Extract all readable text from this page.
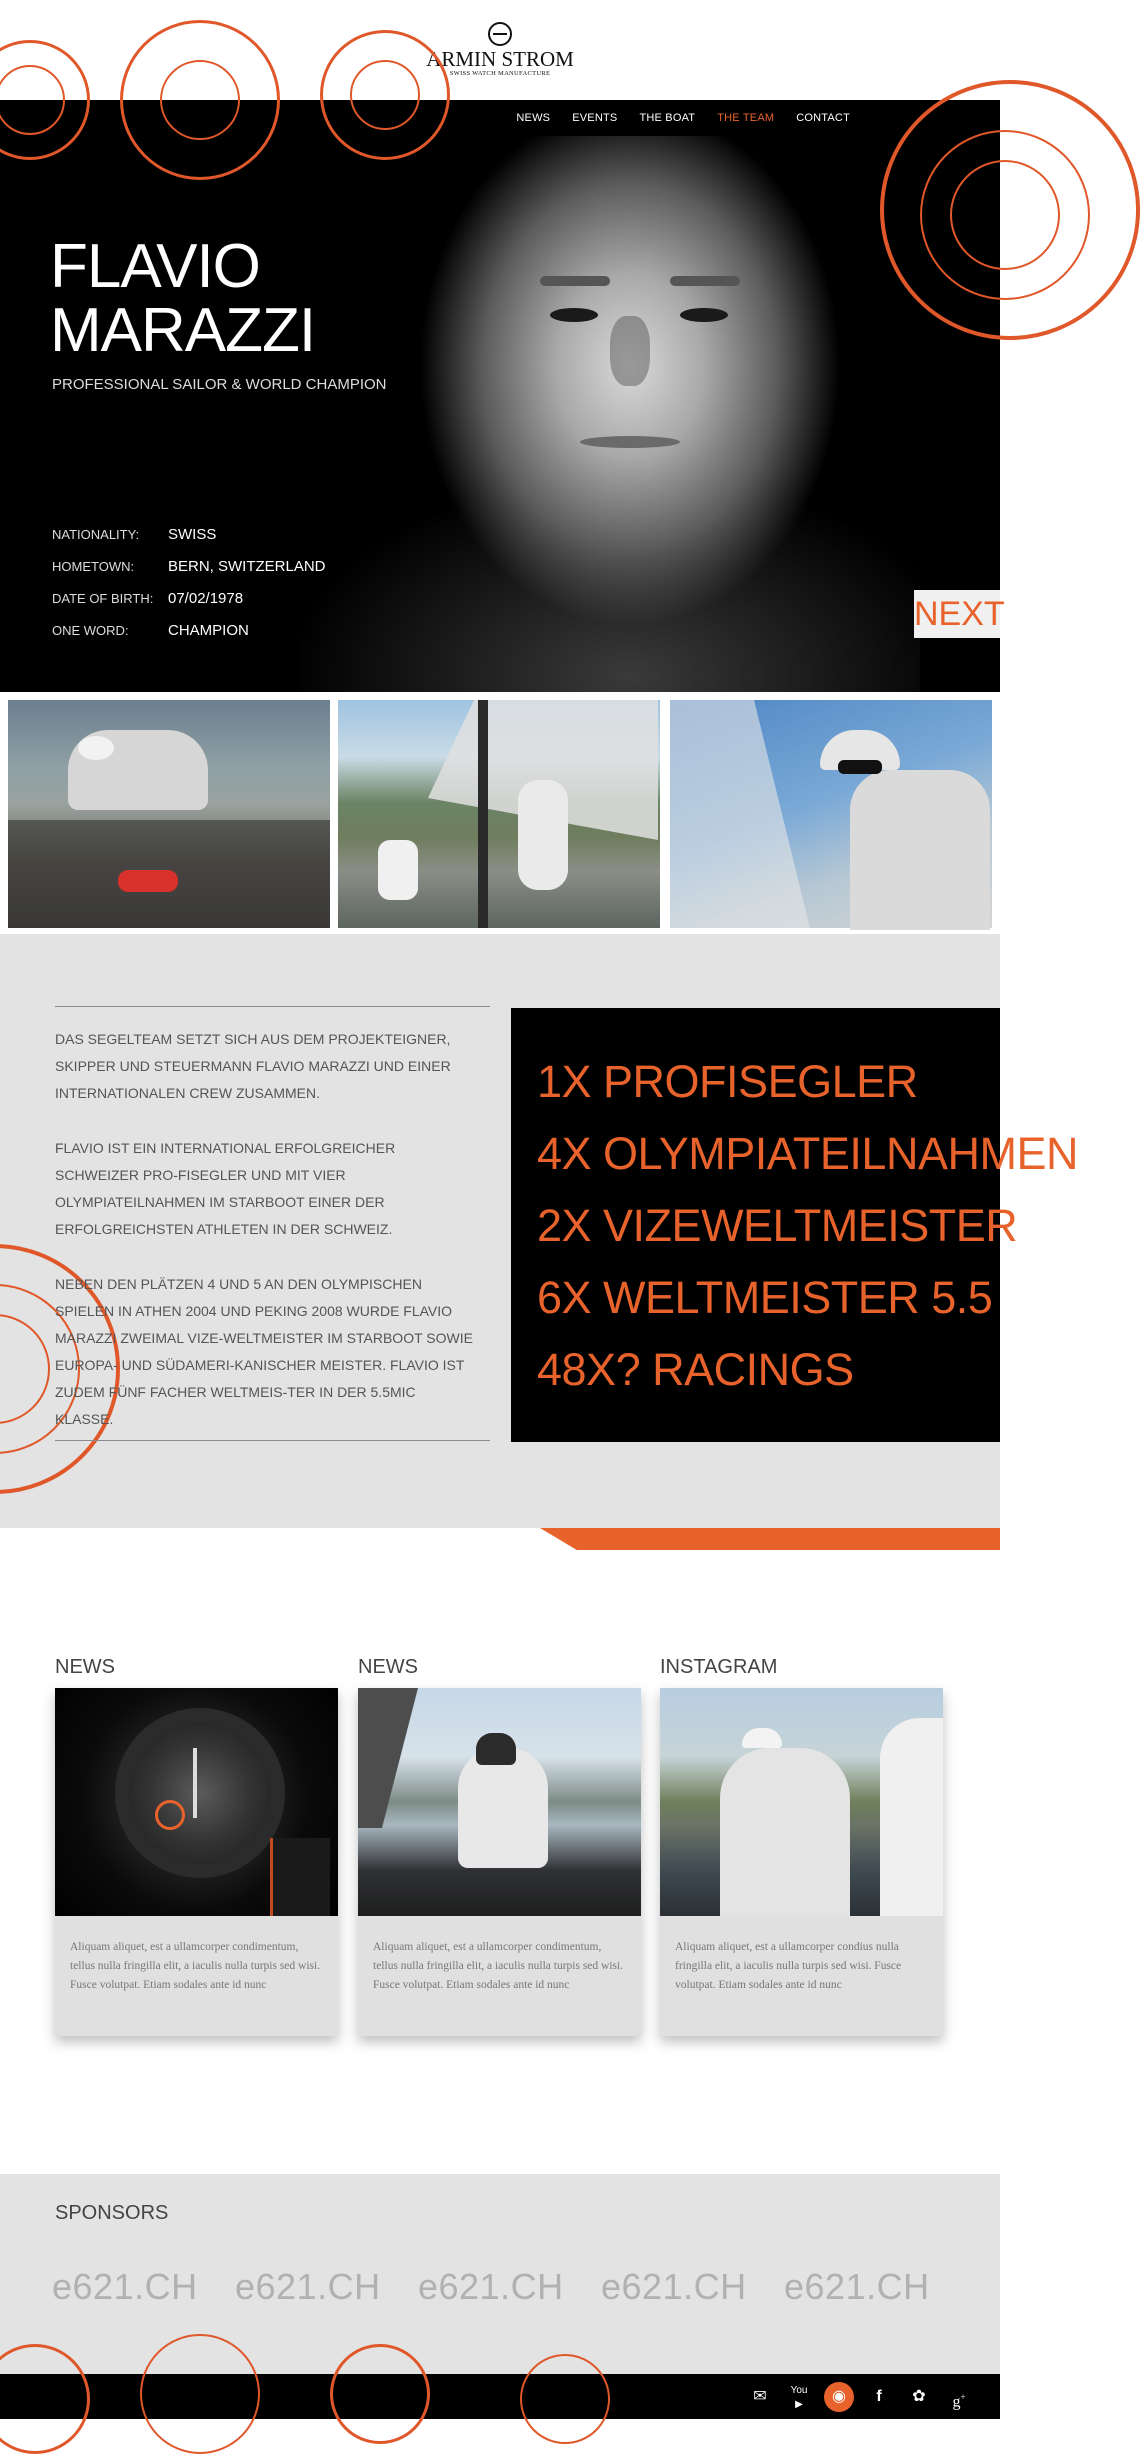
ARMIN STROM
SWISS WATCH MANUFACTURE
NEWS EVENTS THE BOAT THE TEAM CONTACT
FLAVIO
MARAZZI
PROFESSIONAL SAILOR & WORLD CHAMPION
NATIONALITY:	SWISS
HOMETOWN:	BERN, SWITZERLAND
DATE OF BIRTH: 07/02/1978
ONE WORD:	CHAMPION	NEXT

DAS SEGELTEAM SETZT SICH AUS DEM PROJEKTEIGNER, SKIPPER UND STEUERMANN FLAVIO MARAZZI UND EINER INTERNATIONALEN CREW ZUSAMMEN.

FLAVIO IST EIN INTERNATIONAL ERFOLGREICHER SCHWEIZER PRO-FISEGLER UND MIT VIER OLYMPIATEILNAHMEN IM STARBOOT EINER DER ERFOLGREICHSTEN ATHLETEN IN DER SCHWEIZ.

NEBEN DEN PLÄTZEN 4 UND 5 AN DEN OLYMPISCHEN SPIELEN IN ATHEN 2004 UND PEKING 2008 WURDE FLAVIO MARAZZI ZWEIMAL VIZE-WELTMEISTER IM STARBOOT SOWIE EUROPA- UND SÜDAMERI-KANISCHER MEISTER. FLAVIO IST ZUDEM FÜNF FACHER WELTMEIS-TER IN DER 5.5MIC KLASSE.

1X PROFISEGLER
4X OLYMPIATEILNAHMEN
2X VIZEWELTMEISTER
6X WELTMEISTER 5.5
48X? RACINGS
NEWS	NEWS	INSTAGRAM
Aliquam aliquet, est a ullamcorper condimentum, tellus nulla fringilla elit, a iaculis nulla turpis sed wisi. Fusce volutpat. Etiam sodales ante id nunc
Aliquam aliquet, est a ullamcorper condimentum, tellus nulla fringilla elit, a iaculis nulla turpis sed wisi. Fusce volutpat. Etiam sodales ante id nunc
Aliquam aliquet, est a ullamcorper condius nulla fringilla elit, a iaculis nulla turpis sed wisi. Fusce volutpat. Etiam sodales ante id nunc
SPONSORS
e621.CH e621.CH e621.CH e621.CH e621.CH
✉	You
▶	◉	f	✿	g+
